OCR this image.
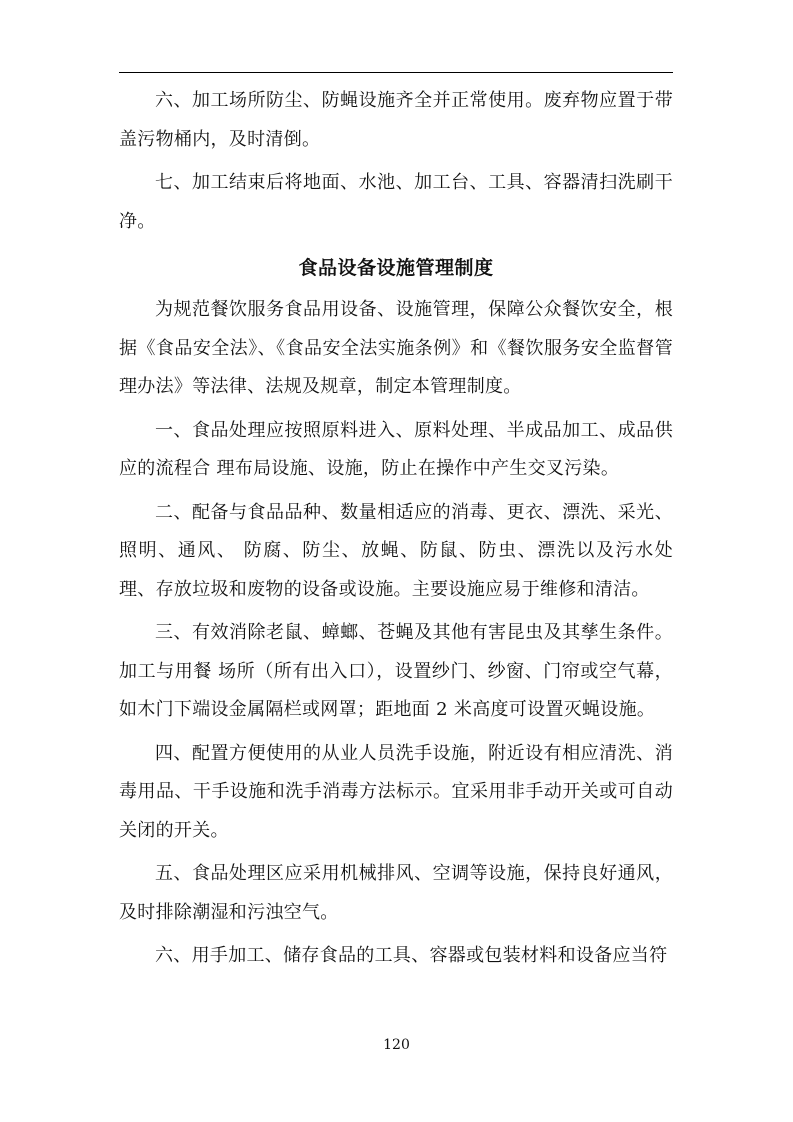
六、加工场所防尘、防蝇设施齐全并正常使用。废弃物应置于带盖污物桶内，及时清倒。

七、加工结束后将地面、水池、加工台、工具、容器清扫洗刷干净。

食品设备设施管理制度

为规范餐饮服务食品用设备、设施管理，保障公众餐饮安全，根据《食品安全法》、《食品安全法实施条例》和《餐饮服务安全监督管理办法》等法律、法规及规章，制定本管理制度。

一、食品处理应按照原料进入、原料处理、半成品加工、成品供应的流程合 理布局设施、设施，防止在操作中产生交叉污染。

二、配备与食品品种、数量相适应的消毒、更衣、漂洗、采光、照明、通风、 防腐、防尘、放蝇、防鼠、防虫、漂洗以及污水处理、存放垃圾和废物的设备或设施。主要设施应易于维修和清洁。

三、有效消除老鼠、蟑螂、苍蝇及其他有害昆虫及其孳生条件。加工与用餐 场所（所有出入口），设置纱门、纱窗、门帘或空气幕，如木门下端设金属隔栏或网罩；距地面 2 米高度可设置灭蝇设施。

四、配置方便使用的从业人员洗手设施，附近设有相应清洗、消毒用品、干手设施和洗手消毒方法标示。宜采用非手动开关或可自动关闭的开关。

五、食品处理区应采用机械排风、空调等设施，保持良好通风，及时排除潮湿和污浊空气。

六、用手加工、储存食品的工具、容器或包装材料和设备应当符

120
